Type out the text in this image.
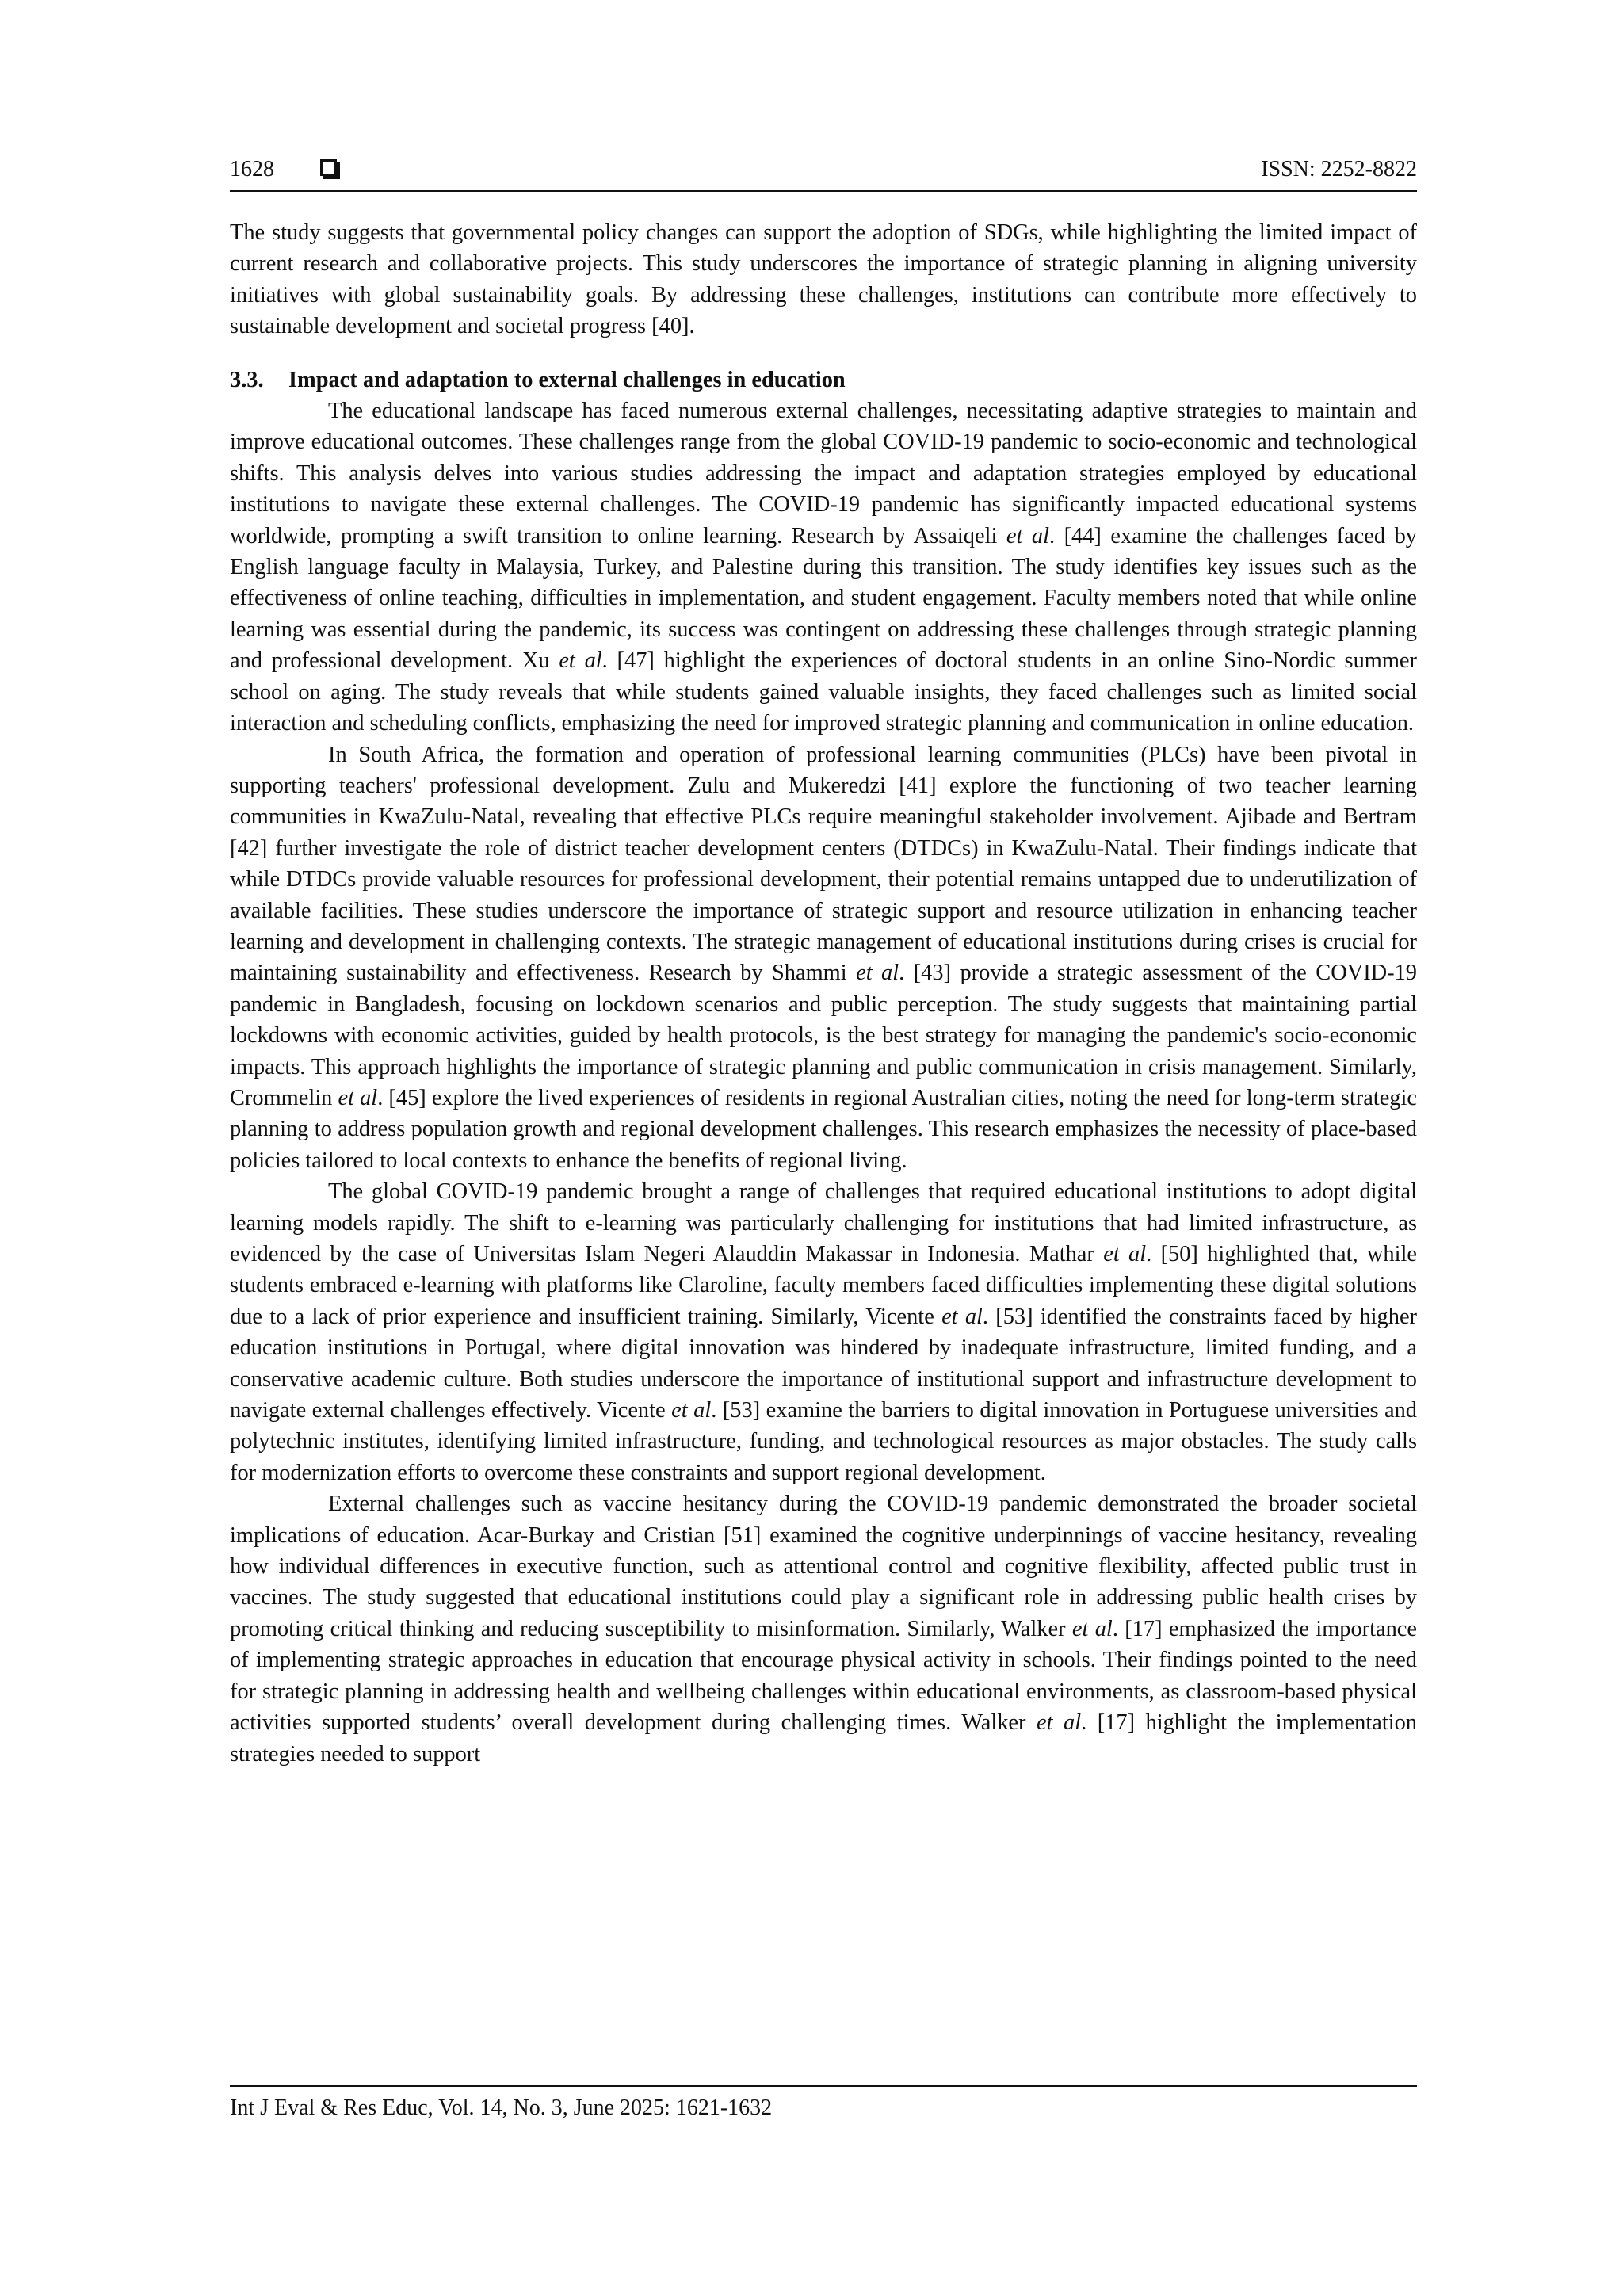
1628	ISSN: 2252-8822

The study suggests that governmental policy changes can support the adoption of SDGs, while highlighting the limited impact of current research and collaborative projects. This study underscores the importance of strategic planning in aligning university initiatives with global sustainability goals. By addressing these challenges, institutions can contribute more effectively to sustainable development and societal progress [40].

3.3. Impact and adaptation to external challenges in education

The educational landscape has faced numerous external challenges, necessitating adaptive strategies to maintain and improve educational outcomes. These challenges range from the global COVID-19 pandemic to socio-economic and technological shifts. This analysis delves into various studies addressing the impact and adaptation strategies employed by educational institutions to navigate these external challenges. The COVID-19 pandemic has significantly impacted educational systems worldwide, prompting a swift transition to online learning. Research by Assaiqeli et al. [44] examine the challenges faced by English language faculty in Malaysia, Turkey, and Palestine during this transition. The study identifies key issues such as the effectiveness of online teaching, difficulties in implementation, and student engagement. Faculty members noted that while online learning was essential during the pandemic, its success was contingent on addressing these challenges through strategic planning and professional development. Xu et al. [47] highlight the experiences of doctoral students in an online Sino-Nordic summer school on aging. The study reveals that while students gained valuable insights, they faced challenges such as limited social interaction and scheduling conflicts, emphasizing the need for improved strategic planning and communication in online education.

In South Africa, the formation and operation of professional learning communities (PLCs) have been pivotal in supporting teachers' professional development. Zulu and Mukeredzi [41] explore the functioning of two teacher learning communities in KwaZulu-Natal, revealing that effective PLCs require meaningful stakeholder involvement. Ajibade and Bertram [42] further investigate the role of district teacher development centers (DTDCs) in KwaZulu-Natal. Their findings indicate that while DTDCs provide valuable resources for professional development, their potential remains untapped due to underutilization of available facilities. These studies underscore the importance of strategic support and resource utilization in enhancing teacher learning and development in challenging contexts. The strategic management of educational institutions during crises is crucial for maintaining sustainability and effectiveness. Research by Shammi et al. [43] provide a strategic assessment of the COVID-19 pandemic in Bangladesh, focusing on lockdown scenarios and public perception. The study suggests that maintaining partial lockdowns with economic activities, guided by health protocols, is the best strategy for managing the pandemic's socio-economic impacts. This approach highlights the importance of strategic planning and public communication in crisis management. Similarly, Crommelin et al. [45] explore the lived experiences of residents in regional Australian cities, noting the need for long-term strategic planning to address population growth and regional development challenges. This research emphasizes the necessity of place-based policies tailored to local contexts to enhance the benefits of regional living.

The global COVID-19 pandemic brought a range of challenges that required educational institutions to adopt digital learning models rapidly. The shift to e-learning was particularly challenging for institutions that had limited infrastructure, as evidenced by the case of Universitas Islam Negeri Alauddin Makassar in Indonesia. Mathar et al. [50] highlighted that, while students embraced e-learning with platforms like Claroline, faculty members faced difficulties implementing these digital solutions due to a lack of prior experience and insufficient training. Similarly, Vicente et al. [53] identified the constraints faced by higher education institutions in Portugal, where digital innovation was hindered by inadequate infrastructure, limited funding, and a conservative academic culture. Both studies underscore the importance of institutional support and infrastructure development to navigate external challenges effectively. Vicente et al. [53] examine the barriers to digital innovation in Portuguese universities and polytechnic institutes, identifying limited infrastructure, funding, and technological resources as major obstacles. The study calls for modernization efforts to overcome these constraints and support regional development.

External challenges such as vaccine hesitancy during the COVID-19 pandemic demonstrated the broader societal implications of education. Acar-Burkay and Cristian [51] examined the cognitive underpinnings of vaccine hesitancy, revealing how individual differences in executive function, such as attentional control and cognitive flexibility, affected public trust in vaccines. The study suggested that educational institutions could play a significant role in addressing public health crises by promoting critical thinking and reducing susceptibility to misinformation. Similarly, Walker et al. [17] emphasized the importance of implementing strategic approaches in education that encourage physical activity in schools. Their findings pointed to the need for strategic planning in addressing health and wellbeing challenges within educational environments, as classroom-based physical activities supported students’ overall development during challenging times. Walker et al. [17] highlight the implementation strategies needed to support

Int J Eval & Res Educ, Vol. 14, No. 3, June 2025: 1621-1632
